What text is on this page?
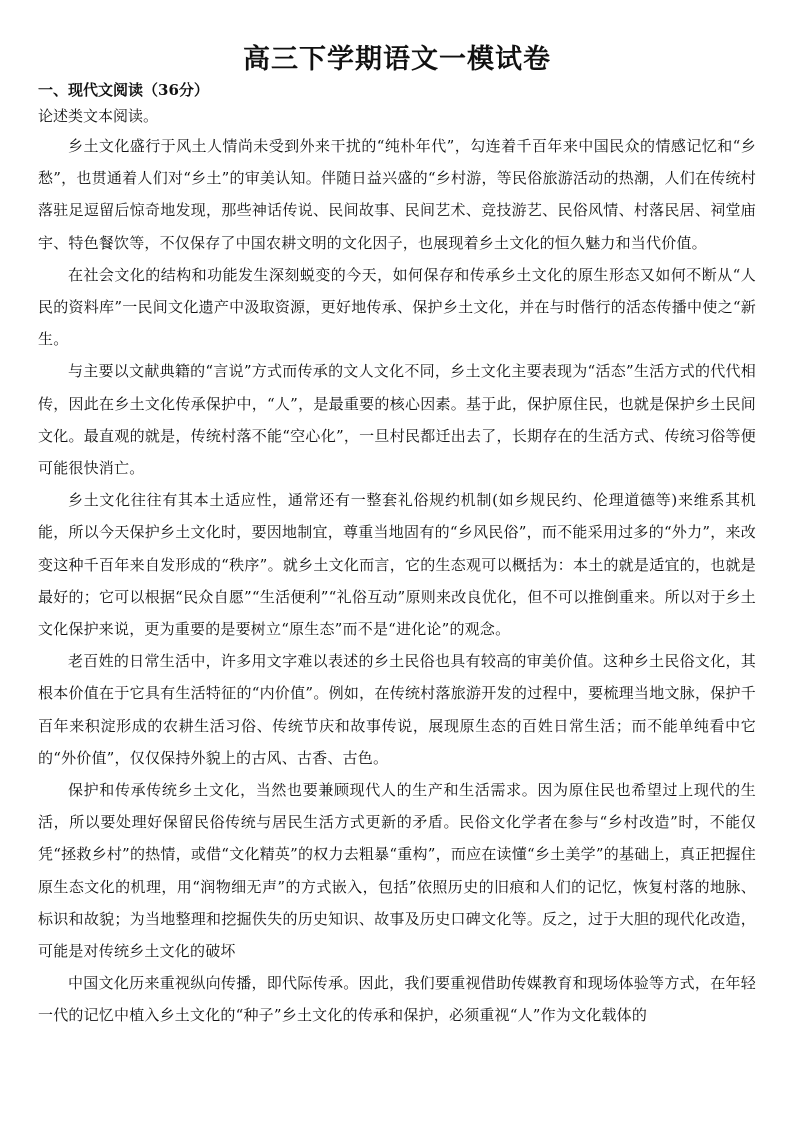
高三下学期语文一模试卷
一、现代文阅读（36分）
论述类文本阅读。

乡土文化盛行于风土人情尚未受到外来干扰的“纯朴年代”，勾连着千百年来中国民众的情感记忆和“乡愁”，也贯通着人们对“乡土”的审美认知。伴随日益兴盛的“乡村游，等民俗旅游活动的热潮，人们在传统村落驻足逗留后惊奇地发现，那些神话传说、民间故事、民间艺术、竞技游艺、民俗风情、村落民居、祠堂庙宇、特色餐饮等，不仅保存了中国农耕文明的文化因子，也展现着乡土文化的恒久魅力和当代价值。

在社会文化的结构和功能发生深刻蜕变的今天，如何保存和传承乡土文化的原生形态又如何不断从“人民的资料库”一民间文化遗产中汲取资源，更好地传承、保护乡土文化，并在与时偕行的活态传播中使之“新生。

与主要以文献典籍的“言说”方式而传承的文人文化不同，乡土文化主要表现为“活态”生活方式的代代相传，因此在乡土文化传承保护中，“人”，是最重要的核心因素。基于此，保护原住民，也就是保护乡土民间文化。最直观的就是，传统村落不能“空心化”，一旦村民都迁出去了，长期存在的生活方式、传统习俗等便可能很快消亡。

乡土文化往往有其本土适应性，通常还有一整套礼俗规约机制(如乡规民约、伦理道德等)来维系其机能，所以今天保护乡土文化时，要因地制宜，尊重当地固有的“乡风民俗”，而不能采用过多的“外力”，来改变这种千百年来自发形成的“秩序”。就乡土文化而言，它的生态观可以概括为：本土的就是适宜的，也就是最好的；它可以根据“民众自愿”“生活便利”“礼俗互动”原则来改良优化，但不可以推倒重来。所以对于乡土文化保护来说，更为重要的是要树立“原生态”而不是“进化论”的观念。

老百姓的日常生活中，许多用文字难以表述的乡土民俗也具有较高的审美价值。这种乡土民俗文化，其根本价值在于它具有生活特征的“内价值”。例如，在传统村落旅游开发的过程中，要梳理当地文脉，保护千百年来积淀形成的农耕生活习俗、传统节庆和故事传说，展现原生态的百姓日常生活；而不能单纯看中它的“外价值”，仅仅保持外貌上的古风、古香、古色。

保护和传承传统乡土文化，当然也要兼顾现代人的生产和生活需求。因为原住民也希望过上现代的生活，所以要处理好保留民俗传统与居民生活方式更新的矛盾。民俗文化学者在参与“乡村改造”时，不能仅凭“拯救乡村”的热情，或借“文化精英”的权力去粗暴“重构”，而应在读懂“乡土美学”的基础上，真正把握住原生态文化的机理，用“润物细无声”的方式嵌入，包括”依照历史的旧痕和人们的记忆，恢复村落的地脉、标识和故貌；为当地整理和挖掘佚失的历史知识、故事及历史口碑文化等。反之，过于大胆的现代化改造，可能是对传统乡土文化的破坏

中国文化历来重视纵向传播，即代际传承。因此，我们要重视借助传媒教育和现场体验等方式，在年轻一代的记忆中植入乡土文化的“种子”乡土文化的传承和保护，必须重视“人”作为文化载体的
